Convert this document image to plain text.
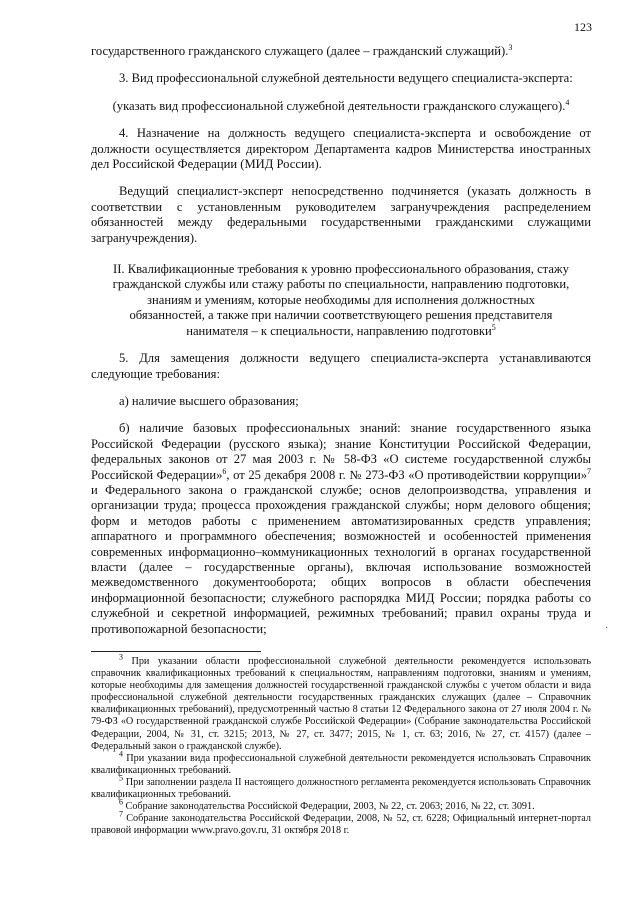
123

государственного гражданского служащего (далее – гражданский служащий).$^3$

3. Вид профессиональной служебной деятельности ведущего специалиста-эксперта:

(указать вид профессиональной служебной деятельности гражданского служащего).$^4$

4. Назначение на должность ведущего специалиста-эксперта и освобождение от должности осуществляется директором Департамента кадров Министерства иностранных дел Российской Федерации (МИД России).

Ведущий специалист-эксперт непосредственно подчиняется (указать должность в соответствии с установленным руководителем загранучреждения распределением обязанностей между федеральными государственными гражданскими служащими загранучреждения).

II. Квалификационные требования к уровню профессионального образования, стажу гражданской службы или стажу работы по специальности, направлению подготовки, знаниям и умениям, которые необходимы для исполнения должностных обязанностей, а также при наличии соответствующего решения представителя нанимателя – к специальности, направлению подготовки$^5$

5. Для замещения должности ведущего специалиста-эксперта устанавливаются следующие требования:

а) наличие высшего образования;

б) наличие базовых профессиональных знаний: знание государственного языка Российской Федерации (русского языка); знание Конституции Российской Федерации, федеральных законов от 27 мая 2003 г. № 58-ФЗ «О системе государственной службы Российской Федерации»$^6$, от 25 декабря 2008 г. № 273-ФЗ «О противодействии коррупции»$^7$ и Федерального закона о гражданской службе; основ делопроизводства, управления и организации труда; процесса прохождения гражданской службы; норм делового общения; форм и методов работы с применением автоматизированных средств управления; аппаратного и программного обеспечения; возможностей и особенностей применения современных информационно–коммуникационных технологий в органах государственной власти (далее – государственные органы), включая использование возможностей межведомственного документооборота; общих вопросов в области обеспечения информационной безопасности; служебного распорядка МИД России; порядка работы со служебной и секретной информацией, режимных требований; правил охраны труда и противопожарной безопасности;	·

$^3$ При указании области профессиональной служебной деятельности рекомендуется использовать справочник квалификационных требований к специальностям, направлениям подготовки, знаниям и умениям, которые необходимы для замещения должностей государственной гражданской службы с учетом области и вида профессиональной служебной деятельности государственных гражданских служащих (далее – Справочник квалификационных требований), предусмотренный частью 8 статьи 12 Федерального закона от 27 июля 2004 г. № 79-ФЗ «О государственной гражданской службе Российской Федерации» (Собрание законодательства Российской Федерации, 2004, № 31, ст. 3215; 2013, № 27, ст. 3477; 2015, № 1, ст. 63; 2016, № 27, ст. 4157) (далее – Федеральный закон о гражданской службе).

$^4$ При указании вида профессиональной служебной деятельности рекомендуется использовать Справочник квалификационных требований.

$^5$ При заполнении раздела II настоящего должностного регламента рекомендуется использовать Справочник квалификационных требований.

$^6$ Собрание законодательства Российской Федерации, 2003, № 22, ст. 2063; 2016, № 22, ст. 3091.

$^7$ Собрание законодательства Российской Федерации, 2008, № 52, ст. 6228; Официальный интернет-портал правовой информации www.pravo.gov.ru, 31 октября 2018 г.
